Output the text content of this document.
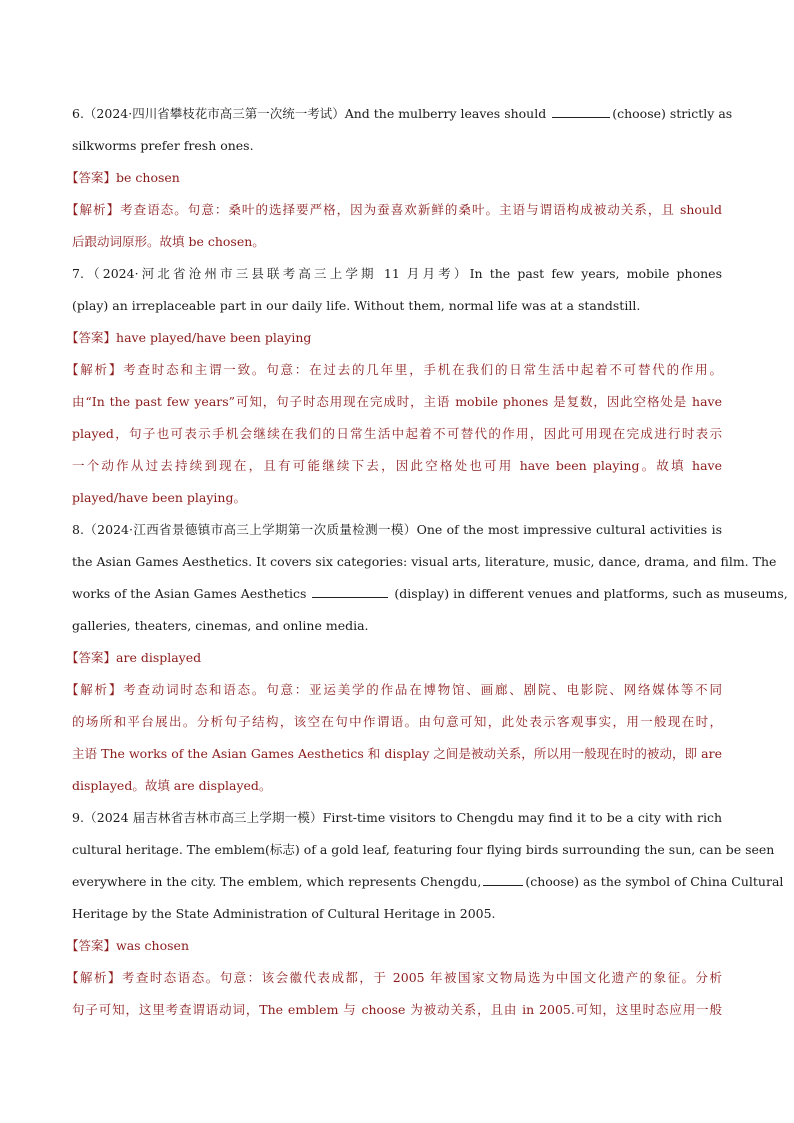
6.（2024·四川省攀枝花市高三第一次统一考试）And the mulberry leaves should	(choose) strictly as
silkworms prefer fresh ones.
【答案】be chosen
【解析】考查语态。句意：桑叶的选择要严格，因为蚕喜欢新鲜的桑叶。主语与谓语构成被动关系，且 should
后跟动词原形。故填 be chosen。
7.（2024·河北省沧州市三县联考高三上学期 11 月月考）In the past few years, mobile phones
(play) an irreplaceable part in our daily life. Without them, normal life was at a standstill.
【答案】have played/have been playing
【解析】考查时态和主谓一致。句意：在过去的几年里，手机在我们的日常生活中起着不可替代的作用。
由“In the past few years”可知，句子时态用现在完成时，主语 mobile phones 是复数，因此空格处是 have
played，句子也可表示手机会继续在我们的日常生活中起着不可替代的作用，因此可用现在完成进行时表示
一个动作从过去持续到现在，且有可能继续下去，因此空格处也可用 have been playing。故填 have
played/have been playing。
8.（2024·江西省景德镇市高三上学期第一次质量检测一模）One of the most impressive cultural activities is
the Asian Games Aesthetics. It covers six categories: visual arts, literature, music, dance, drama, and film. The
works of the Asian Games Aesthetics	(display) in different venues and platforms, such as museums,
galleries, theaters, cinemas, and online media.
【答案】are displayed
【解析】考查动词时态和语态。句意：亚运美学的作品在博物馆、画廊、剧院、电影院、网络媒体等不同
的场所和平台展出。分析句子结构，该空在句中作谓语。由句意可知，此处表示客观事实，用一般现在时，
主语 The works of the Asian Games Aesthetics 和 display 之间是被动关系，所以用一般现在时的被动，即 are
displayed。故填 are displayed。
9.（2024 届吉林省吉林市高三上学期一模）First-time visitors to Chengdu may find it to be a city with rich
cultural heritage. The emblem(标志) of a gold leaf, featuring four flying birds surrounding the sun, can be seen
everywhere in the city. The emblem, which represents Chengdu,	(choose) as the symbol of China Cultural
Heritage by the State Administration of Cultural Heritage in 2005.
【答案】was chosen
【解析】考查时态语态。句意：该会徽代表成都，于 2005 年被国家文物局选为中国文化遗产的象征。分析
句子可知，这里考查谓语动词，The emblem 与 choose 为被动关系，且由 in 2005.可知，这里时态应用一般
